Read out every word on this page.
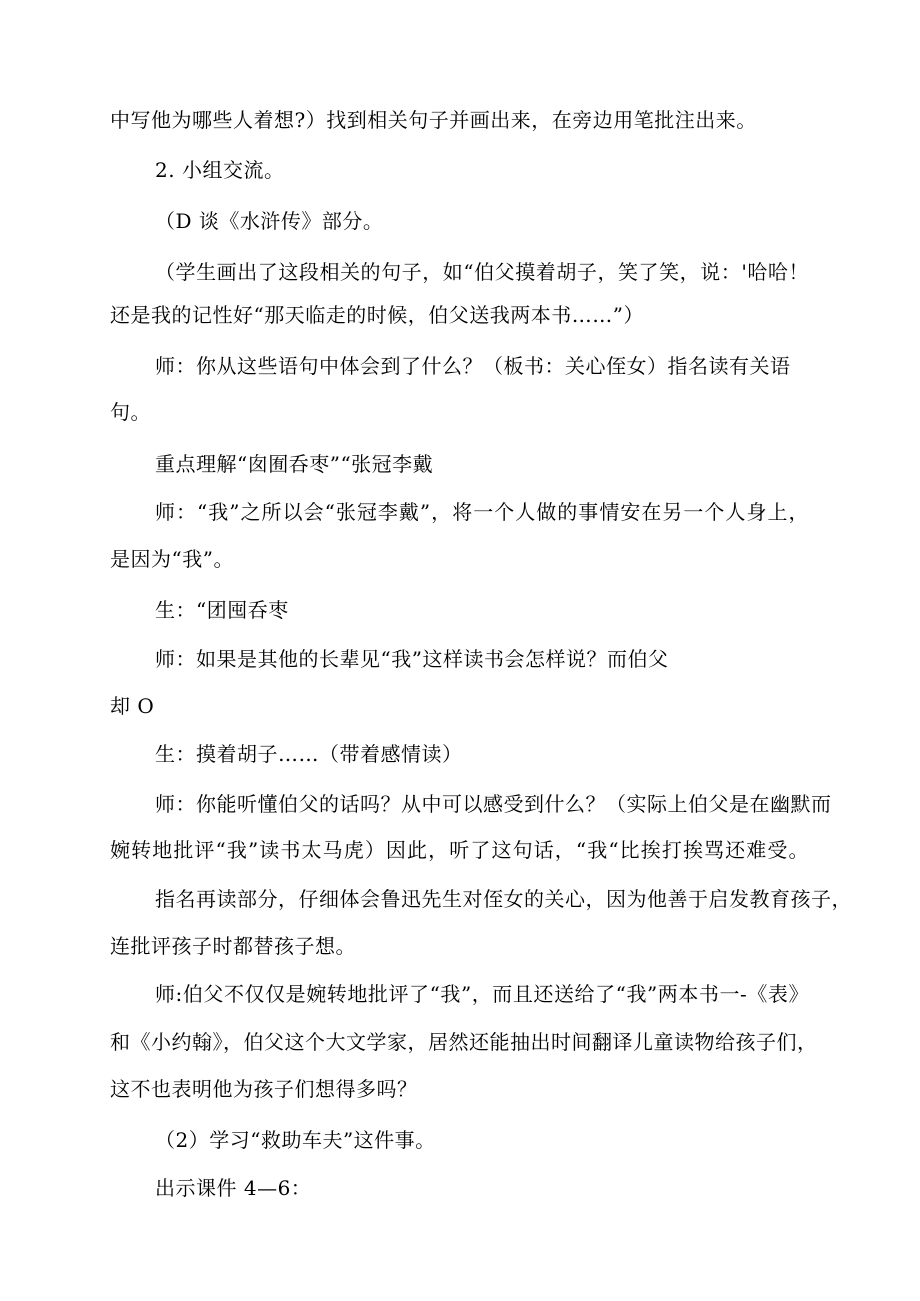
中写他为哪些人着想?）找到相关句子并画出来，在旁边用笔批注出来。
2. 小组交流。
（D 谈《水浒传》部分。
（学生画出了这段相关的句子，如“伯父摸着胡子，笑了笑，说：'哈哈！
还是我的记性好“那天临走的时候，伯父送我两本书……”）
师：你从这些语句中体会到了什么？（板书：关心侄女）指名读有关语
句。
重点理解“囱囿呑枣”“张冠李戴
师：“我”之所以会“张冠李戴”，将一个人做的事情安在另一个人身上，
是因为“我”。
生：“团囤呑枣
师：如果是其他的长辈见“我”这样读书会怎样说？而伯父
却 O
生：摸着胡子……（带着感情读）
师：你能听懂伯父的话吗？从中可以感受到什么？（实际上伯父是在幽默而
婉转地批评“我”读书太马虎）因此，听了这句话，“我“比挨打挨骂还难受。
指名再读部分，仔细体会鲁迅先生对侄女的关心，因为他善于启发教育孩子，
连批评孩子时都替孩子想。
师:伯父不仅仅是婉转地批评了“我”，而且还送给了“我”两本书一-《表》
和《小约翰》，伯父这个大文学家，居然还能抽出时间翻译儿童读物给孩子们，
这不也表明他为孩子们想得多吗？
（2）学习“救助车夫”这件事。
出示课件 4—6：
